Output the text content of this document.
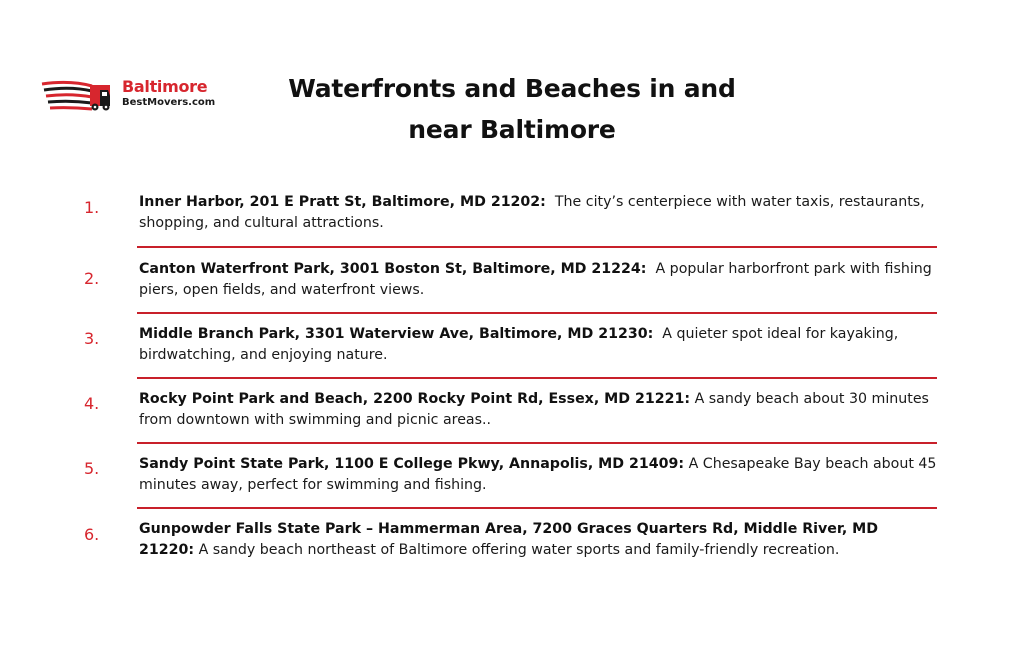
Baltimore
BestMovers.com	Waterfronts and Beaches in and
near Baltimore
1.	Inner Harbor, 201 E Pratt St, Baltimore, MD 21202: The city’s centerpiece with water taxis, restaurants, shopping, and cultural attractions.
2.	Canton Waterfront Park, 3001 Boston St, Baltimore, MD 21224: A popular harborfront park with fishing piers, open fields, and waterfront views.
3.	Middle Branch Park, 3301 Waterview Ave, Baltimore, MD 21230: A quieter spot ideal for kayaking, birdwatching, and enjoying nature.
4.	Rocky Point Park and Beach, 2200 Rocky Point Rd, Essex, MD 21221: A sandy beach about 30 minutes from downtown with swimming and picnic areas..
5.	Sandy Point State Park, 1100 E College Pkwy, Annapolis, MD 21409: A Chesapeake Bay beach about 45 minutes away, perfect for swimming and fishing.
6.	Gunpowder Falls State Park – Hammerman Area, 7200 Graces Quarters Rd, Middle River, MD 21220: A sandy beach northeast of Baltimore offering water sports and family-friendly recreation.
